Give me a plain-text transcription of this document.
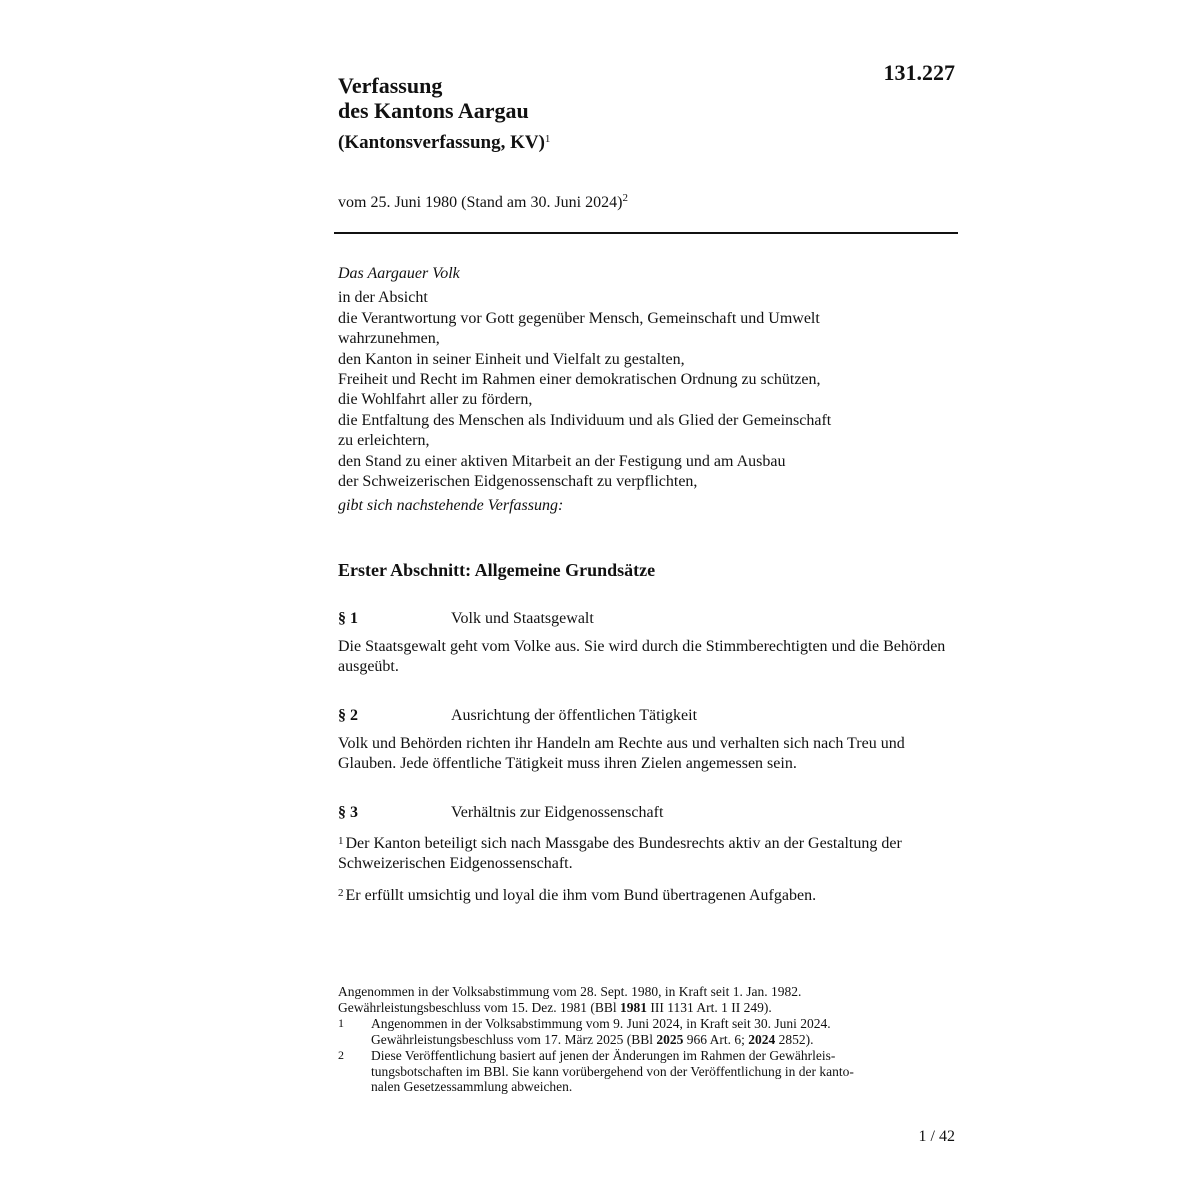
131.227
Verfassung
des Kantons Aargau
(Kantonsverfassung, KV)$^1$
vom 25. Juni 1980 (Stand am 30. Juni 2024)$^2$
Das Aargauer Volk
in der Absicht
die Verantwortung vor Gott gegenüber Mensch, Gemeinschaft und Umwelt
wahrzunehmen,
den Kanton in seiner Einheit und Vielfalt zu gestalten,
Freiheit und Recht im Rahmen einer demokratischen Ordnung zu schützen,
die Wohlfahrt aller zu fördern,
die Entfaltung des Menschen als Individuum und als Glied der Gemeinschaft
zu erleichtern,
den Stand zu einer aktiven Mitarbeit an der Festigung und am Ausbau
der Schweizerischen Eidgenossenschaft zu verpflichten,
gibt sich nachstehende Verfassung:
Erster Abschnitt: Allgemeine Grundsätze
§ 1	Volk und Staatsgewalt
Die Staatsgewalt geht vom Volke aus. Sie wird durch die Stimmberechtigten und die Behörden ausgeübt.
§ 2	Ausrichtung der öffentlichen Tätigkeit
Volk und Behörden richten ihr Handeln am Rechte aus und verhalten sich nach Treu und Glauben. Jede öffentliche Tätigkeit muss ihren Zielen angemessen sein.
§ 3	Verhältnis zur Eidgenossenschaft
$^1$ Der Kanton beteiligt sich nach Massgabe des Bundesrechts aktiv an der Gestaltung der Schweizerischen Eidgenossenschaft.
$^2$ Er erfüllt umsichtig und loyal die ihm vom Bund übertragenen Aufgaben.
Angenommen in der Volksabstimmung vom 28. Sept. 1980, in Kraft seit 1. Jan. 1982.
Gewährleistungsbeschluss vom 15. Dez. 1981 (BBl 1981 III 1131 Art. 1 II 249).
1	Angenommen in der Volksabstimmung vom 9. Juni 2024, in Kraft seit 30. Juni 2024.
Gewährleistungsbeschluss vom 17. März 2025 (BBl 2025 966 Art. 6; 2024 2852).
2	Diese Veröffentlichung basiert auf jenen der Änderungen im Rahmen der Gewährleis-
tungsbotschaften im BBl. Sie kann vorübergehend von der Veröffentlichung in der kanto-
nalen Gesetzessammlung abweichen.
1 / 42
